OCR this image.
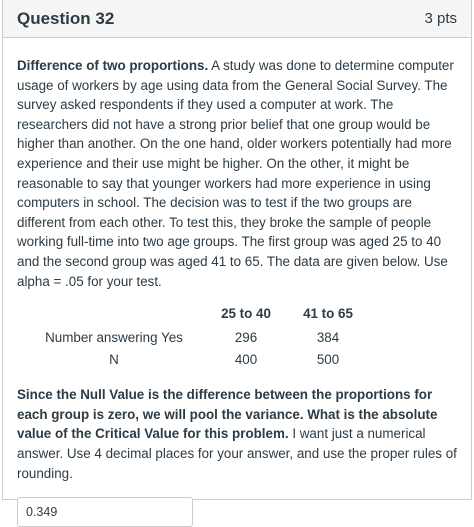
Question 32	3 pts

Difference of two proportions. A study was done to determine computer usage of workers by age using data from the General Social Survey. The survey asked respondents if they used a computer at work. The researchers did not have a strong prior belief that one group would be higher than another. On the one hand, older workers potentially had more experience and their use might be higher. On the other, it might be reasonable to say that younger workers had more experience in using computers in school. The decision was to test if the two groups are different from each other. To test this, they broke the sample of people working full-time into two age groups. The first group was aged 25 to 40 and the second group was aged 41 to 65. The data are given below. Use alpha = .05 for your test.

	25 to 40	41 to 65
Number answering Yes	296	384
N	400	500

Since the Null Value is the difference between the proportions for each group is zero, we will pool the variance. What is the absolute value of the Critical Value for this problem. I want just a numerical answer. Use 4 decimal places for your answer, and use the proper rules of rounding.

0.349
